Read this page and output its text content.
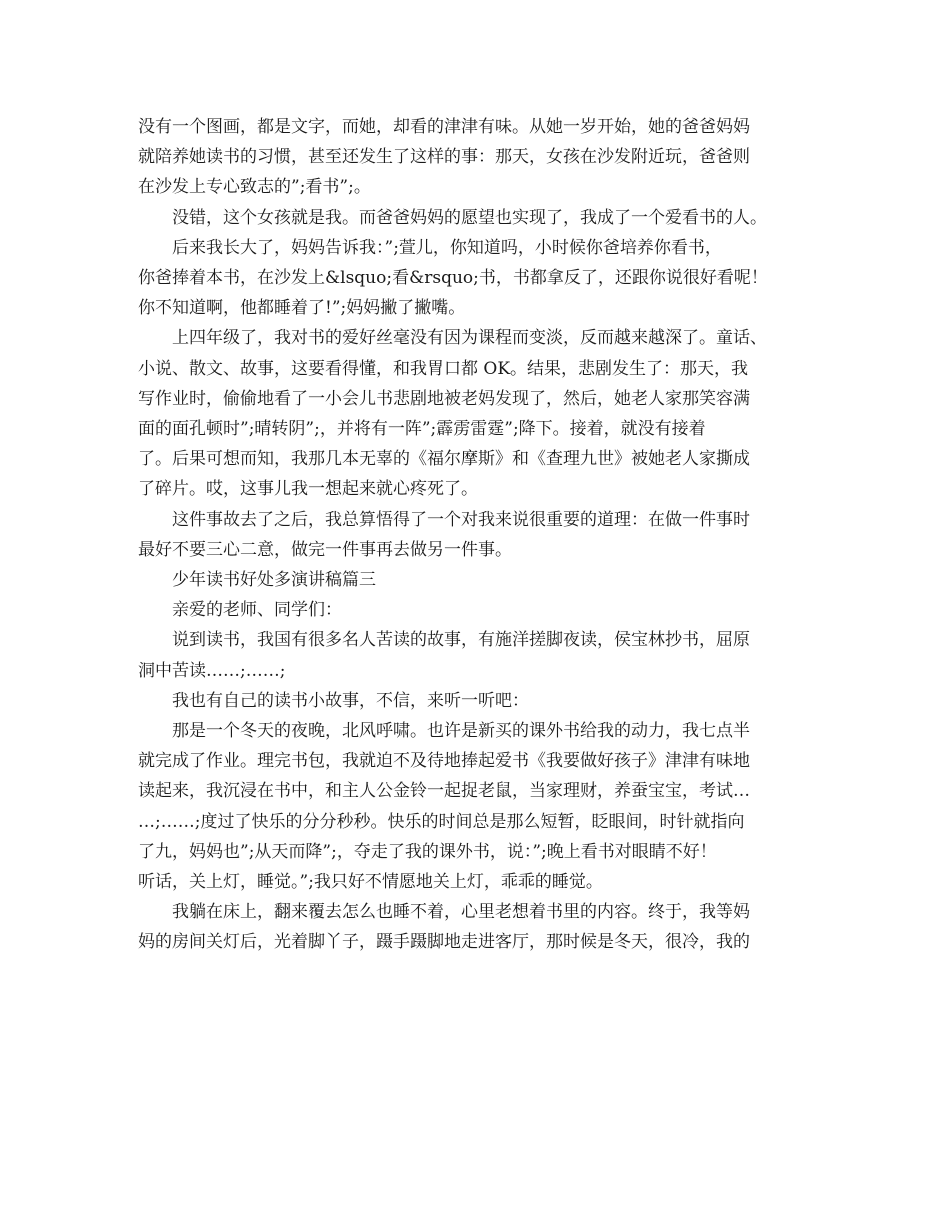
没有一个图画，都是文字，而她，却看的津津有味。从她一岁开始，她的爸爸妈妈
就陪养她读书的习惯，甚至还发生了这样的事：那天，女孩在沙发附近玩，爸爸则
在沙发上专心致志的”;看书”;。

没错，这个女孩就是我。而爸爸妈妈的愿望也实现了，我成了一个爱看书的人。

后来我长大了，妈妈告诉我：”;萱儿，你知道吗，小时候你爸培养你看书，
你爸捧着本书，在沙发上&lsquo;看&rsquo;书，书都拿反了，还跟你说很好看呢！
你不知道啊，他都睡着了!”;妈妈撇了撇嘴。

上四年级了，我对书的爱好丝毫没有因为课程而变淡，反而越来越深了。童话、
小说、散文、故事，这要看得懂，和我胃口都 OK。结果，悲剧发生了：那天，我
写作业时，偷偷地看了一小会儿书悲剧地被老妈发现了，然后，她老人家那笑容满
面的面孔顿时”;晴转阴”;，并将有一阵”;霹雳雷霆”;降下。接着，就没有接着
了。后果可想而知，我那几本无辜的《福尔摩斯》和《查理九世》被她老人家撕成
了碎片。哎，这事儿我一想起来就心疼死了。

这件事故去了之后，我总算悟得了一个对我来说很重要的道理：在做一件事时
最好不要三心二意，做完一件事再去做另一件事。

少年读书好处多演讲稿篇三

亲爱的老师、同学们：

说到读书，我国有很多名人苦读的故事，有施洋搓脚夜读，侯宝林抄书，屈原
洞中苦读……;……;

我也有自己的读书小故事，不信，来听一听吧：

那是一个冬天的夜晚，北风呼啸。也许是新买的课外书给我的动力，我七点半
就完成了作业。理完书包，我就迫不及待地捧起爱书《我要做好孩子》津津有味地
读起来，我沉浸在书中，和主人公金铃一起捉老鼠，当家理财，养蚕宝宝，考试…
…;……;度过了快乐的分分秒秒。快乐的时间总是那么短暂，眨眼间，时针就指向
了九，妈妈也”;从天而降”;，夺走了我的课外书，说：”;晚上看书对眼睛不好！
听话，关上灯，睡觉。”;我只好不情愿地关上灯，乖乖的睡觉。

我躺在床上，翻来覆去怎么也睡不着，心里老想着书里的内容。终于，我等妈
妈的房间关灯后，光着脚丫子，蹑手蹑脚地走进客厅，那时候是冬天，很冷，我的
